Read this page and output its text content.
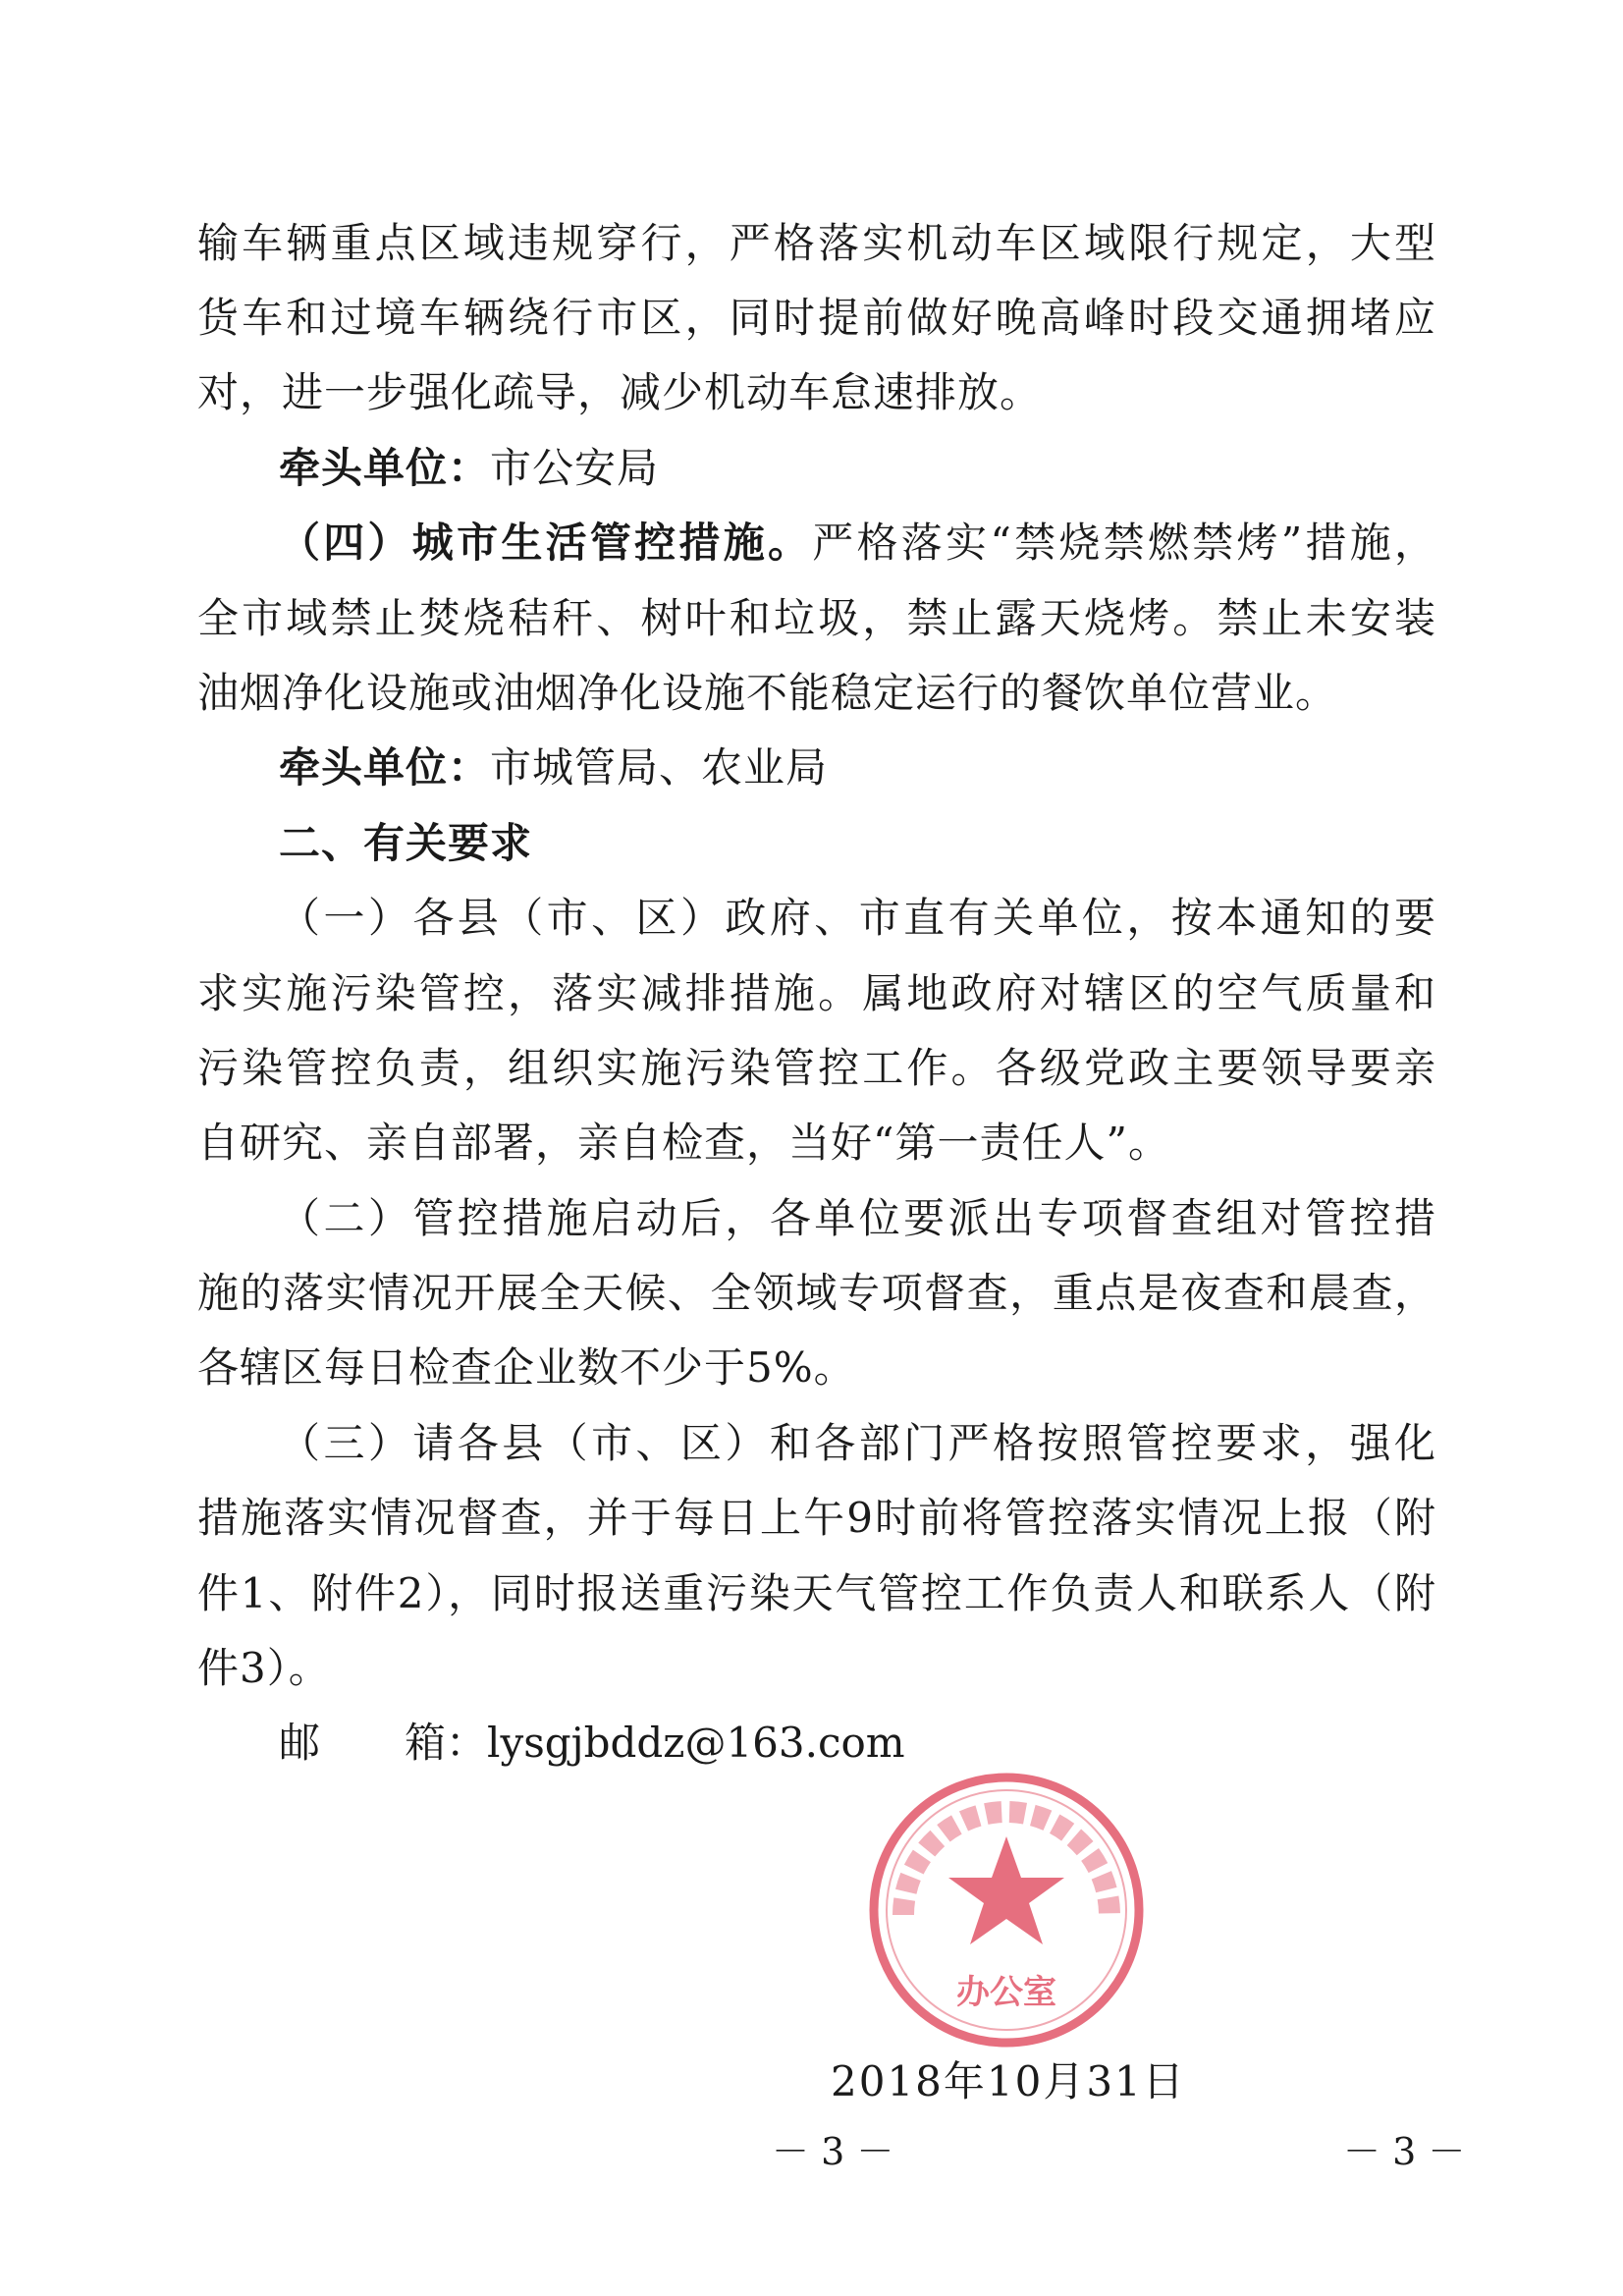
输车辆重点区域违规穿行，严格落实机动车区域限行规定，大型
货车和过境车辆绕行市区，同时提前做好晚高峰时段交通拥堵应
对，进一步强化疏导，减少机动车怠速排放。
牵头单位：市公安局
（四）城市生活管控措施。严格落实“禁烧禁燃禁烤”措施，
全市域禁止焚烧秸秆、树叶和垃圾，禁止露天烧烤。禁止未安装
油烟净化设施或油烟净化设施不能稳定运行的餐饮单位营业。
牵头单位：市城管局、农业局
二、有关要求
（一）各县（市、区）政府、市直有关单位，按本通知的要
求实施污染管控，落实减排措施。属地政府对辖区的空气质量和
污染管控负责，组织实施污染管控工作。各级党政主要领导要亲
自研究、亲自部署，亲自检查，当好“第一责任人”。
（二）管控措施启动后，各单位要派出专项督查组对管控措
施的落实情况开展全天候、全领域专项督查，重点是夜查和晨查，
各辖区每日检查企业数不少于5%。
（三）请各县（市、区）和各部门严格按照管控要求，强化
措施落实情况督查，并于每日上午9时前将管控落实情况上报（附
件1、附件2），同时报送重污染天气管控工作负责人和联系人（附
件3）。
邮 箱：lysgjbddz@163.com
办公室
2018年10月31日
－ 3 －	－ 3 －
